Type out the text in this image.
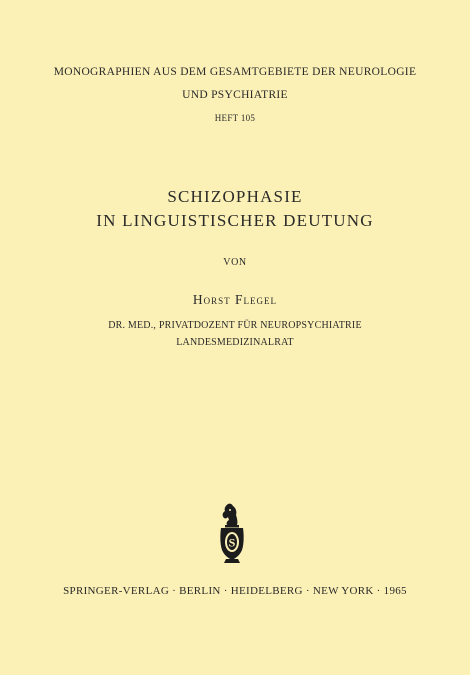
MONOGRAPHIEN AUS DEM GESAMTGEBIETE DER NEUROLOGIE
UND PSYCHIATRIE
HEFT 105
SCHIZOPHASIE
IN LINGUISTISCHER DEUTUNG
VON
Horst Flegel
DR. MED., PRIVATDOZENT FÜR NEUROPSYCHIATRIE
LANDESMEDIZINALRAT
S
SPRINGER-VERLAG · BERLIN · HEIDELBERG · NEW YORK · 1965
